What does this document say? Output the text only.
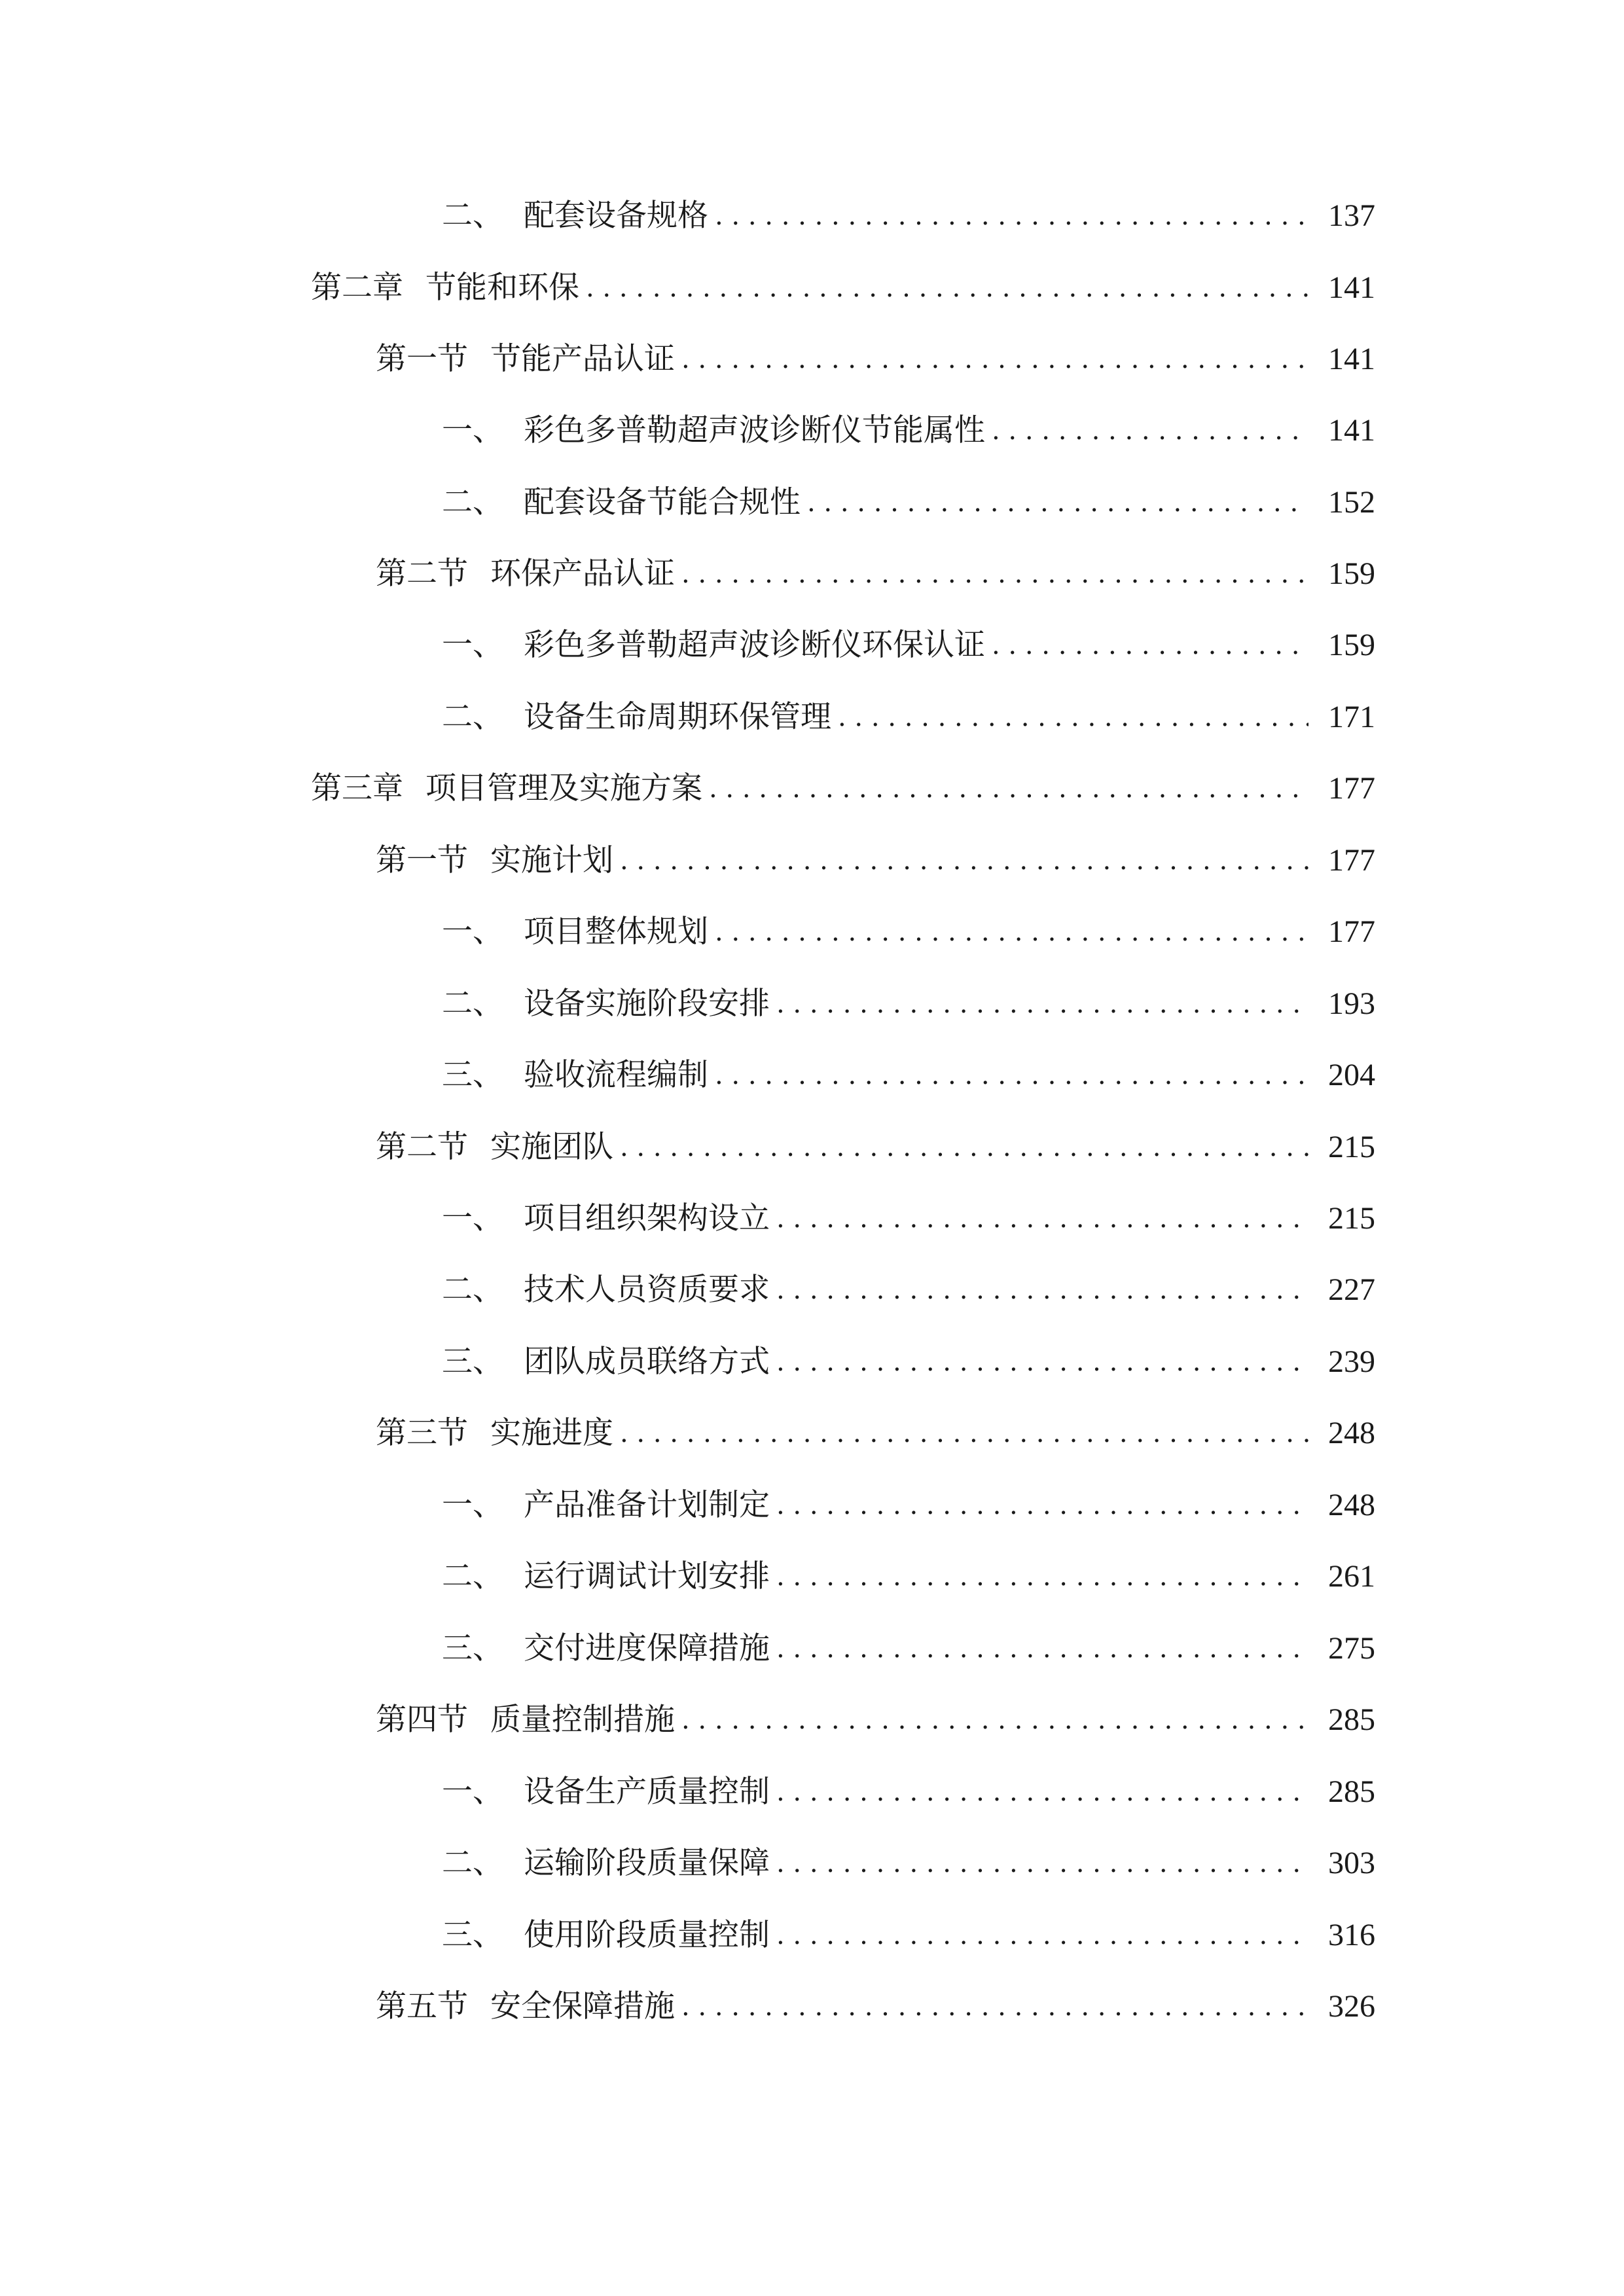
二、 配套设备规格 . . .	137
第二章 节能和环保 . . .	141
第一节 节能产品认证 . . .	141
一、 彩色多普勒超声波诊断仪节能属性 . . .	141
二、 配套设备节能合规性 . . .	152
第二节 环保产品认证 . . .	159
一、 彩色多普勒超声波诊断仪环保认证 . . .	159
二、 设备生命周期环保管理 . . .	171
第三章 项目管理及实施方案 . . .	177
第一节 实施计划 . . .	177
一、 项目整体规划 . . .	177
二、 设备实施阶段安排 . . .	193
三、 验收流程编制 . . .	204
第二节 实施团队 . . .	215
一、 项目组织架构设立 . . .	215
二、 技术人员资质要求 . . .	227
三、 团队成员联络方式 . . .	239
第三节 实施进度 . . .	248
一、 产品准备计划制定 . . .	248
二、 运行调试计划安排 . . .	261
三、 交付进度保障措施 . . .	275
第四节 质量控制措施 . . .	285
一、 设备生产质量控制 . . .	285
二、 运输阶段质量保障 . . .	303
三、 使用阶段质量控制 . . .	316
第五节 安全保障措施 . . .	326
